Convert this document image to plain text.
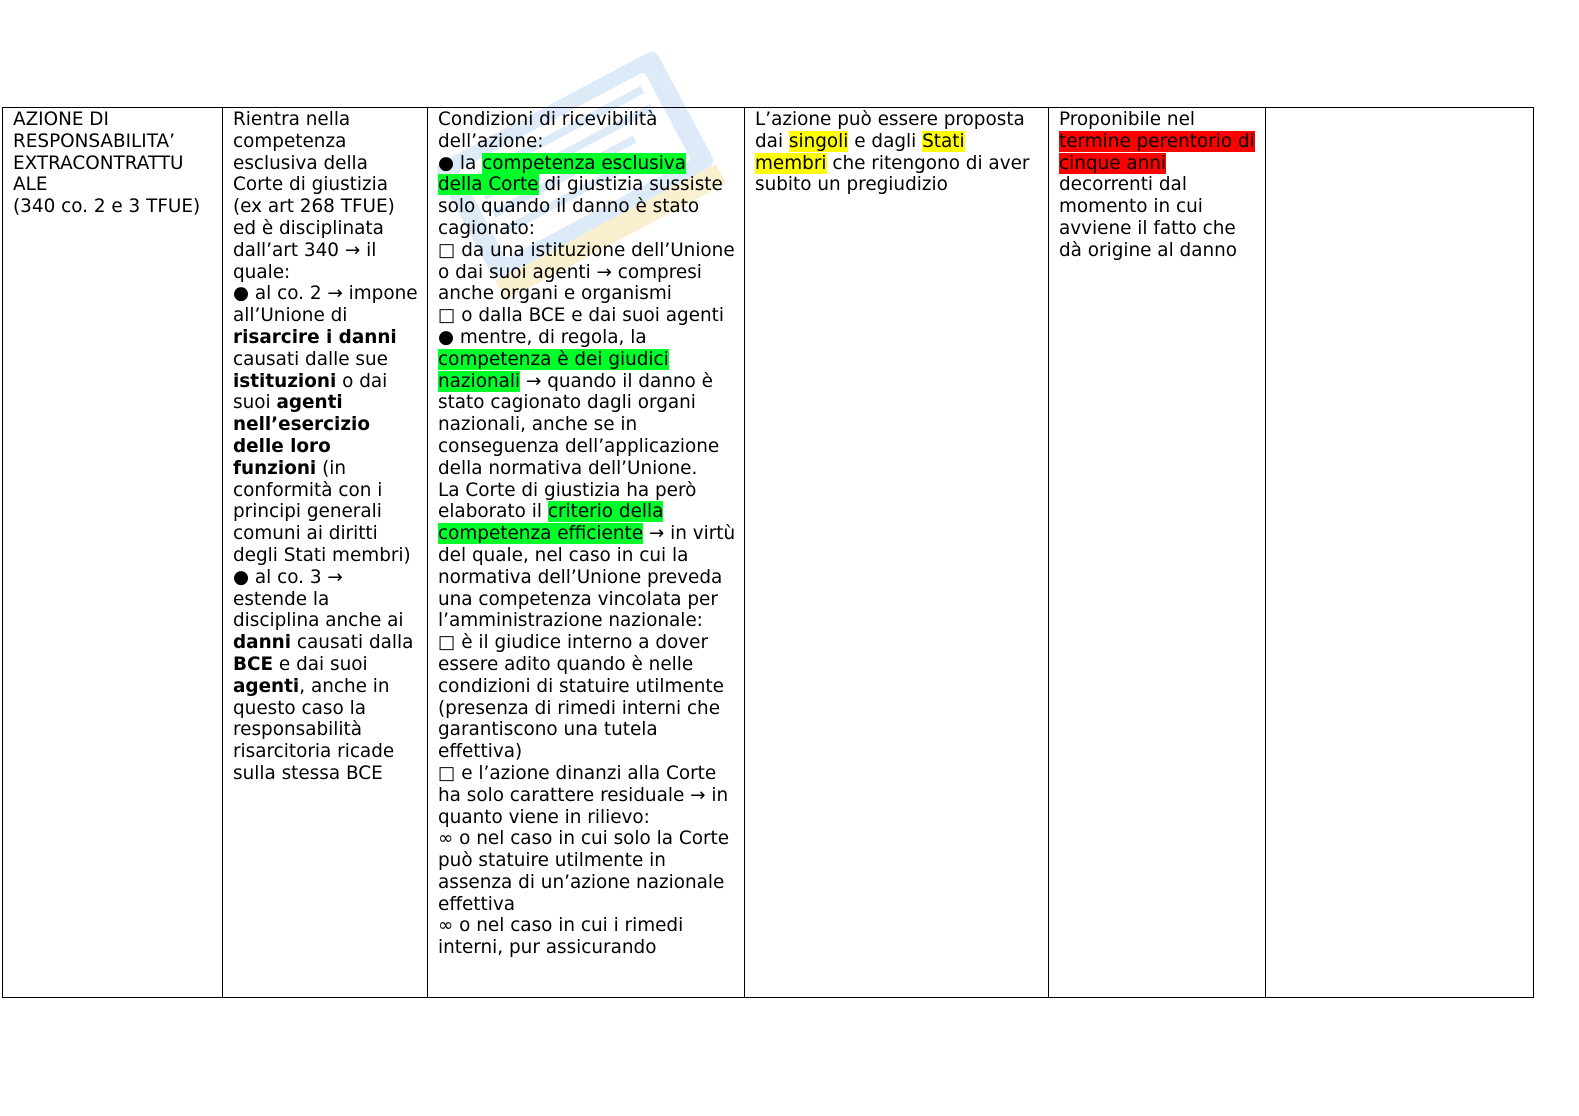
AZIONE DI RESPONSABILITA’ EXTRACONTRATTU ALE
(340 co. 2 e 3 TFUE)

Rientra nella competenza esclusiva della Corte di giustizia (ex art 268 TFUE) ed è disciplinata dall’art 340 → il quale:
● al co. 2 → impone all’Unione di risarcire i danni causati dalle sue istituzioni o dai suoi agenti nell’esercizio delle loro funzioni (in conformità con i principi generali comuni ai diritti degli Stati membri)
● al co. 3 → estende la disciplina anche ai danni causati dalla BCE e dai suoi agenti, anche in questo caso la responsabilità risarcitoria ricade sulla stessa BCE

Condizioni di ricevibilità dell’azione:
● la competenza esclusiva della Corte di giustizia sussiste solo quando il danno è stato cagionato:
□ da una istituzione dell’Unione o dai suoi agenti → compresi anche organi e organismi
□ o dalla BCE e dai suoi agenti
● mentre, di regola, la competenza è dei giudici nazionali → quando il danno è stato cagionato dagli organi nazionali, anche se in conseguenza dell’applicazione della normativa dell’Unione.
La Corte di giustizia ha però elaborato il criterio della competenza efficiente → in virtù del quale, nel caso in cui la normativa dell’Unione preveda una competenza vincolata per l’amministrazione nazionale:
□ è il giudice interno a dover essere adito quando è nelle condizioni di statuire utilmente (presenza di rimedi interni che garantiscono una tutela effettiva)
□ e l’azione dinanzi alla Corte ha solo carattere residuale → in quanto viene in rilievo:
∞ o nel caso in cui solo la Corte può statuire utilmente in assenza di un’azione nazionale effettiva
∞ o nel caso in cui i rimedi interni, pur assicurando

L’azione può essere proposta dai singoli e dagli Stati membri che ritengono di aver subito un pregiudizio

Proponibile nel termine perentorio di cinque anni decorrenti dal momento in cui avviene il fatto che dà origine al danno
